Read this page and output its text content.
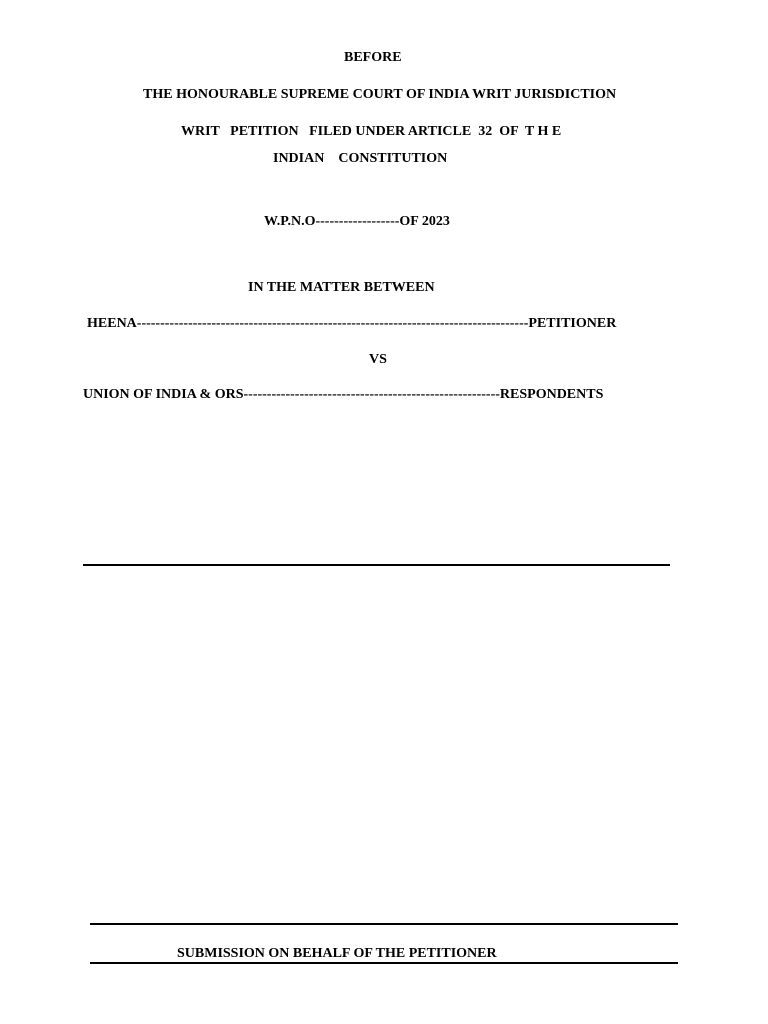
BEFORE
THE HONOURABLE SUPREME COURT OF INDIA WRIT JURISDICTION
WRIT   PETITION   FILED UNDER ARTICLE  32  OF  T H E
INDIAN    CONSTITUTION
W.P.N.O------------------OF 2023
IN THE MATTER BETWEEN
HEENA------------------------------------------------------------------------------------PETITIONER
VS
UNION OF INDIA & ORS-------------------------------------------------------RESPONDENTS
SUBMISSION ON BEHALF OF THE PETITIONER
